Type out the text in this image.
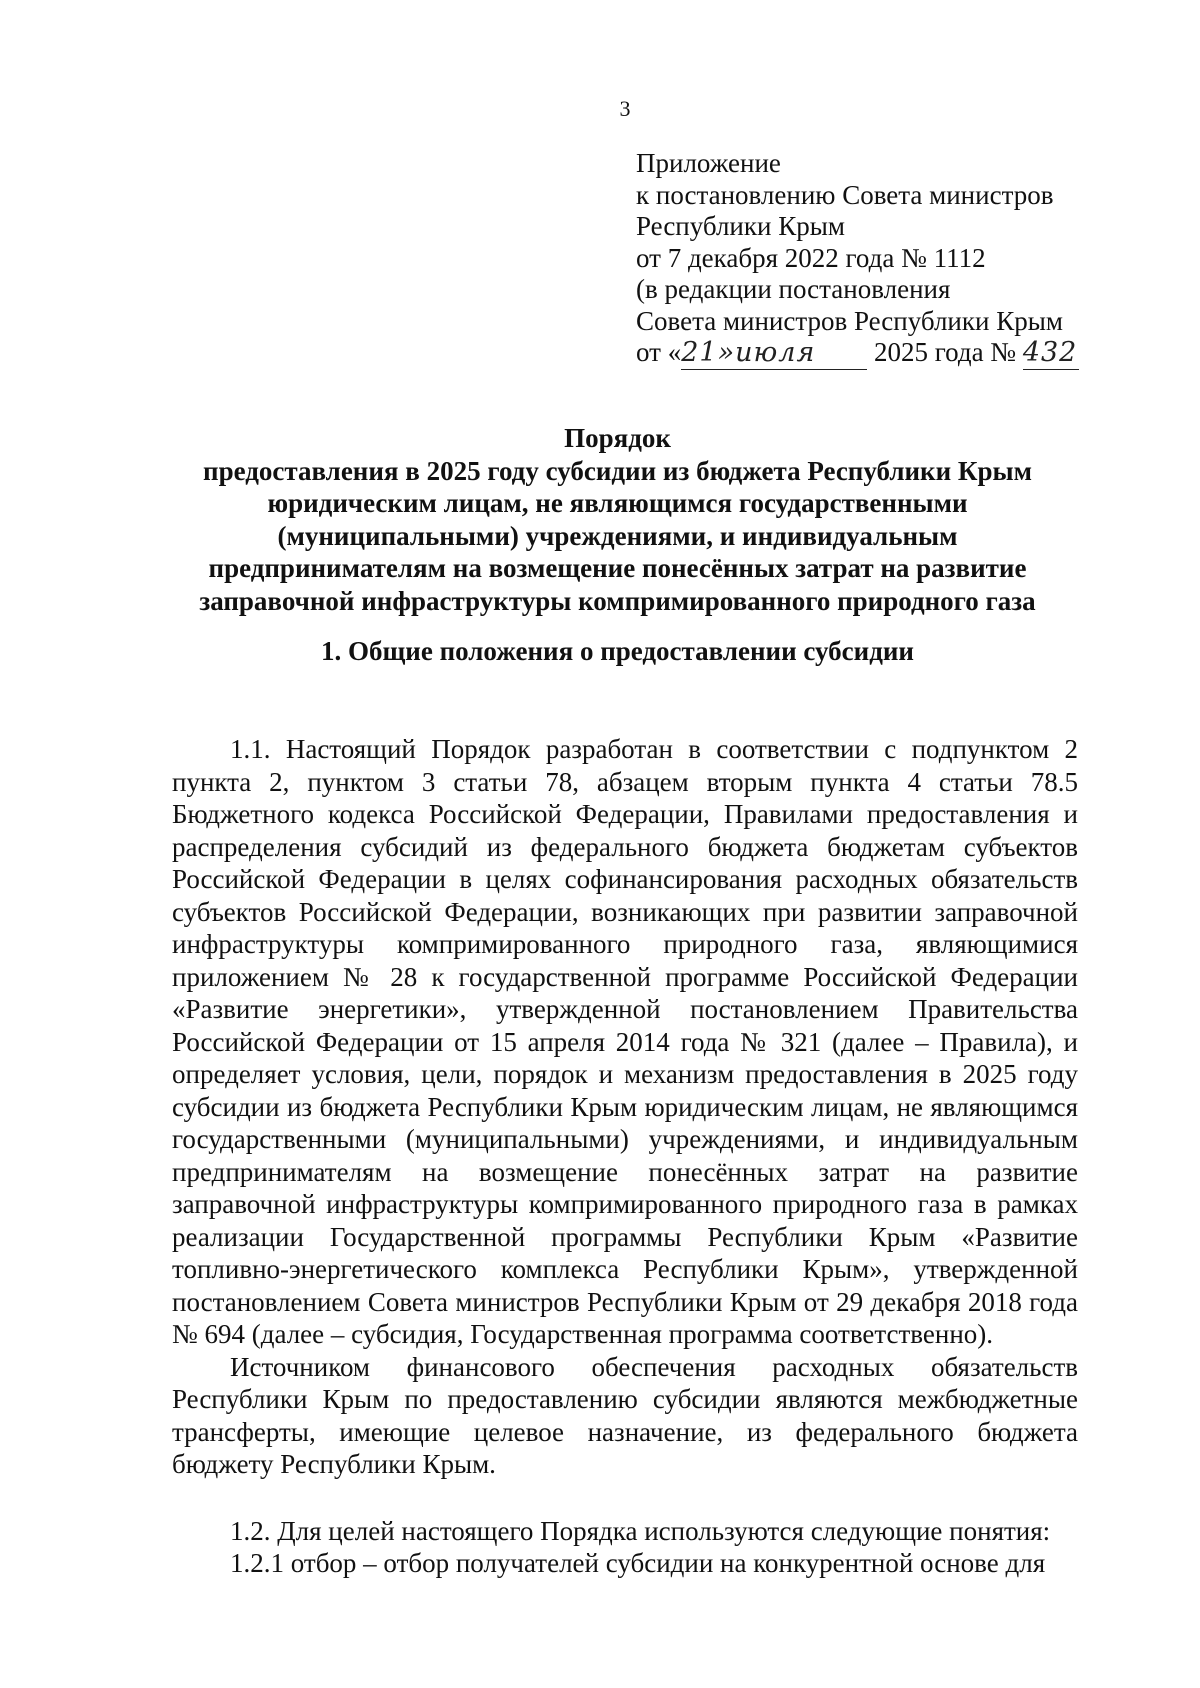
3
Приложение
к постановлению Совета министров
Республики Крым
от 7 декабря 2022 года № 1112
(в редакции постановления
Совета министров Республики Крым
от «21»июля 2025 года № 432
Порядок
предоставления в 2025 году субсидии из бюджета Республики Крым
юридическим лицам, не являющимся государственными
(муниципальными) учреждениями, и индивидуальным
предпринимателям на возмещение понесённых затрат на развитие
заправочной инфраструктуры компримированного природного газа
1. Общие положения о предоставлении субсидии

1.1. Настоящий Порядок разработан в соответствии с подпунктом 2 пункта 2, пунктом 3 статьи 78, абзацем вторым пункта 4 статьи 78.5 Бюджетного кодекса Российской Федерации, Правилами предоставления и распределения субсидий из федерального бюджета бюджетам субъектов Российской Федерации в целях софинансирования расходных обязательств субъектов Российской Федерации, возникающих при развитии заправочной инфраструктуры компримированного природного газа, являющимися приложением № 28 к государственной программе Российской Федерации «Развитие энергетики», утвержденной постановлением Правительства Российской Федерации от 15 апреля 2014 года № 321 (далее – Правила), и определяет условия, цели, порядок и механизм предоставления в 2025 году субсидии из бюджета Республики Крым юридическим лицам, не являющимся государственными (муниципальными) учреждениями, и индивидуальным предпринимателям на возмещение понесённых затрат на развитие заправочной инфраструктуры компримированного природного газа в рамках реализации Государственной программы Республики Крым «Развитие топливно-энергетического комплекса Республики Крым», утвержденной постановлением Совета министров Республики Крым от 29 декабря 2018 года № 694 (далее – субсидия, Государственная программа соответственно).

Источником финансового обеспечения расходных обязательств Республики Крым по предоставлению субсидии являются межбюджетные трансферты, имеющие целевое назначение, из федерального бюджета бюджету Республики Крым.

1.2. Для целей настоящего Порядка используются следующие понятия:

1.2.1 отбор – отбор получателей субсидии на конкурентной основе для
